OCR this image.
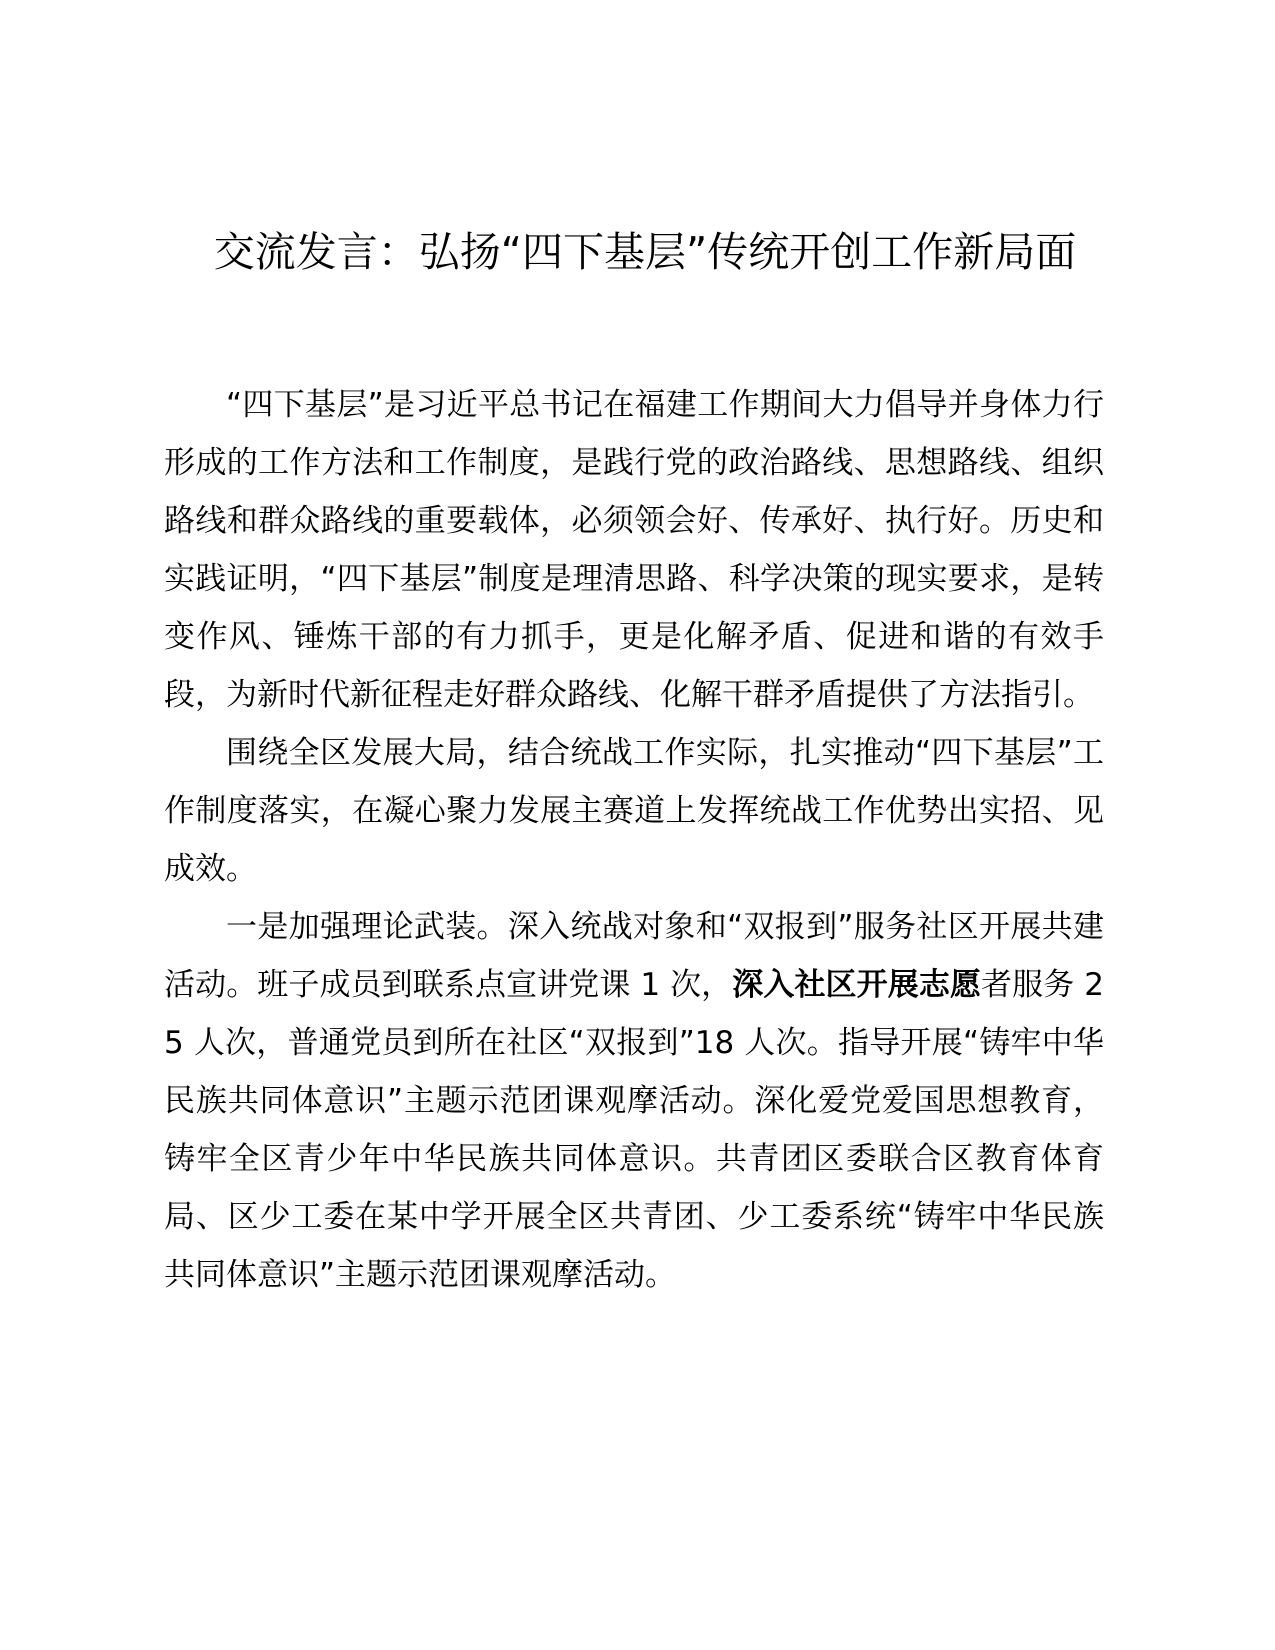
交流发言：弘扬“四下基层”传统开创工作新局面

“四下基层”是习近平总书记在福建工作期间大力倡导并身体力行形成的工作方法和工作制度，是践行党的政治路线、思想路线、组织路线和群众路线的重要载体，必须领会好、传承好、执行好。历史和实践证明，“四下基层”制度是理清思路、科学决策的现实要求，是转变作风、锤炼干部的有力抓手，更是化解矛盾、促进和谐的有效手段，为新时代新征程走好群众路线、化解干群矛盾提供了方法指引。

围绕全区发展大局，结合统战工作实际，扎实推动“四下基层”工作制度落实，在凝心聚力发展主赛道上发挥统战工作优势出实招、见成效。

一是加强理论武装。深入统战对象和“双报到”服务社区开展共建活动。班子成员到联系点宣讲党课 1 次，深入社区开展志愿者服务 25 人次，普通党员到所在社区“双报到”18 人次。指导开展“铸牢中华民族共同体意识”主题示范团课观摩活动。深化爱党爱国思想教育，铸牢全区青少年中华民族共同体意识。共青团区委联合区教育体育局、区少工委在某中学开展全区共青团、少工委系统“铸牢中华民族共同体意识”主题示范团课观摩活动。
